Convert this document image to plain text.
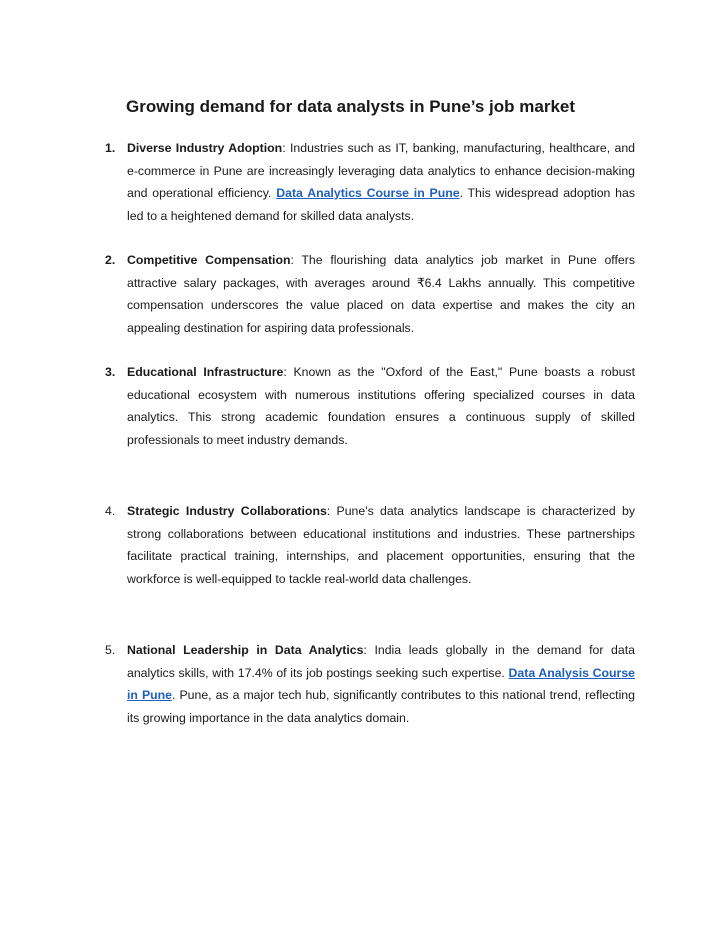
Growing demand for data analysts in Pune’s job market
1. Diverse Industry Adoption: Industries such as IT, banking, manufacturing, healthcare, and e-commerce in Pune are increasingly leveraging data analytics to enhance decision-making and operational efficiency. Data Analytics Course in Pune. This widespread adoption has led to a heightened demand for skilled data analysts.
2. Competitive Compensation: The flourishing data analytics job market in Pune offers attractive salary packages, with averages around ₹6.4 Lakhs annually. This competitive compensation underscores the value placed on data expertise and makes the city an appealing destination for aspiring data professionals.
3. Educational Infrastructure: Known as the "Oxford of the East," Pune boasts a robust educational ecosystem with numerous institutions offering specialized courses in data analytics. This strong academic foundation ensures a continuous supply of skilled professionals to meet industry demands.
4. Strategic Industry Collaborations: Pune's data analytics landscape is characterized by strong collaborations between educational institutions and industries. These partnerships facilitate practical training, internships, and placement opportunities, ensuring that the workforce is well-equipped to tackle real-world data challenges.
5. National Leadership in Data Analytics: India leads globally in the demand for data analytics skills, with 17.4% of its job postings seeking such expertise. Data Analysis Course in Pune. Pune, as a major tech hub, significantly contributes to this national trend, reflecting its growing importance in the data analytics domain.
